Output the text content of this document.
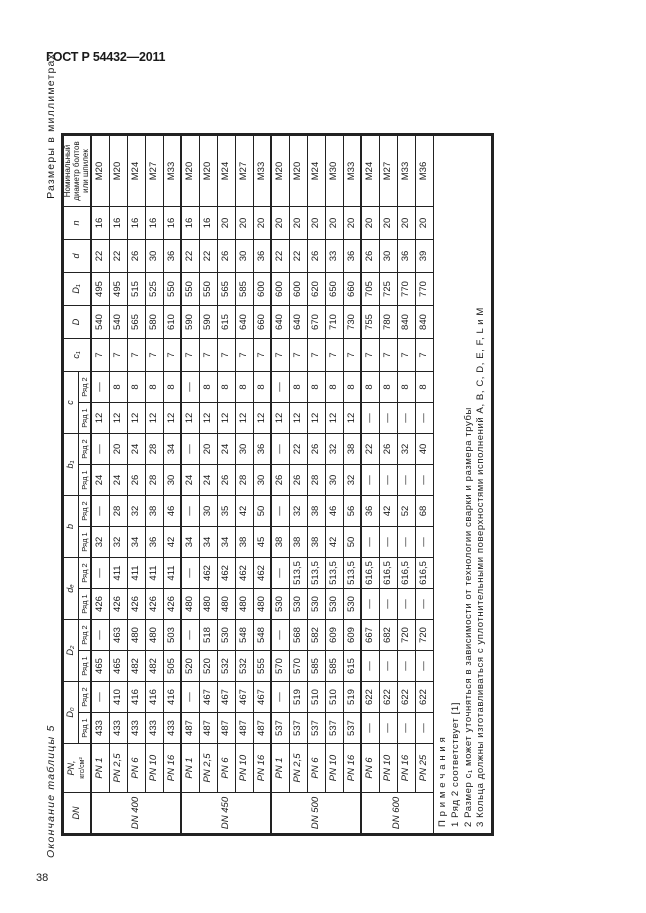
ГОСТ Р 54432—2011
Окончание таблицы 5
Размеры в миллиметрах
DN	PN, кгс/см²	D₀		D₂		dₑ		b		b₁		c		c₁	D	D₁	d	n	Номинальный диаметр болтов или шпилек
		Ряд 1	Ряд 2	Ряд 1	Ряд 2	Ряд 1	Ряд 2	Ряд 1	Ряд 2	Ряд 1	Ряд 2	Ряд 1	Ряд 2						
DN 400	PN 1	433	—	465	—	426	—	32	—	24	—	12	—	7	540	495	22	16	M20
	PN 2,5	433	410	465	463	426	411	32	28	24	20	12	8	7	540	495	22	16	M20
	PN 6	433	416	482	480	426	411	34	32	26	24	12	8	7	565	515	26	16	M24
	PN 10	433	416	482	480	426	411	36	38	28	28	12	8	7	580	525	30	16	M27
	PN 16	433	416	505	503	426	411	42	46	30	34	12	8	7	610	550	36	16	M33
DN 450	PN 1	487	—	520	—	480	—	34	—	24	—	12	—	7	590	550	22	16	M20
	PN 2,5	487	467	520	518	480	462	34	30	24	20	12	8	7	590	550	22	16	M20
	PN 6	487	467	532	530	480	462	34	35	26	24	12	8	7	615	565	26	20	M24
	PN 10	487	467	532	548	480	462	38	42	28	30	12	8	7	640	585	30	20	M27
	PN 16	487	467	555	548	480	462	45	50	30	36	12	8	7	660	600	36	20	M33
DN 500	PN 1	537	—	570	—	530	—	38	—	26	—	12	—	7	640	600	22	20	M20
	PN 2,5	537	519	570	568	530	513,5	38	32	26	22	12	8	7	640	600	22	20	M20
	PN 6	537	510	585	582	530	513,5	38	38	28	26	12	8	7	670	620	26	20	M24
	PN 10	537	510	585	609	530	513,5	42	46	30	32	12	8	7	710	650	33	20	M30
	PN 16	537	519	615	609	530	513,5	50	56	32	38	12	8	7	730	660	36	20	M33
DN 600	PN 6	—	622	—	667	—	616,5	—	36	—	22	—	8	7	755	705	26	20	M24
	PN 10	—	622	—	682	—	616,5	—	42	—	26	—	8	7	780	725	30	20	M27
	PN 16	—	622	—	720	—	616,5	—	52	—	32	—	8	7	840	770	36	20	M33
	PN 25	—	622	—	720	—	616,5	—	68	—	40	—	8	7	840	770	39	20	M36

П р и м е ч а н и я 1 Ряд 2 соответствует [1] 2 Размер c₁ может уточняться в зависимости от технологии сварки и размера трубы 3 Кольца должны изготавливаться с уплотнительными поверхностями исполнений A, B, C, D, E, F, L и M																			
38
